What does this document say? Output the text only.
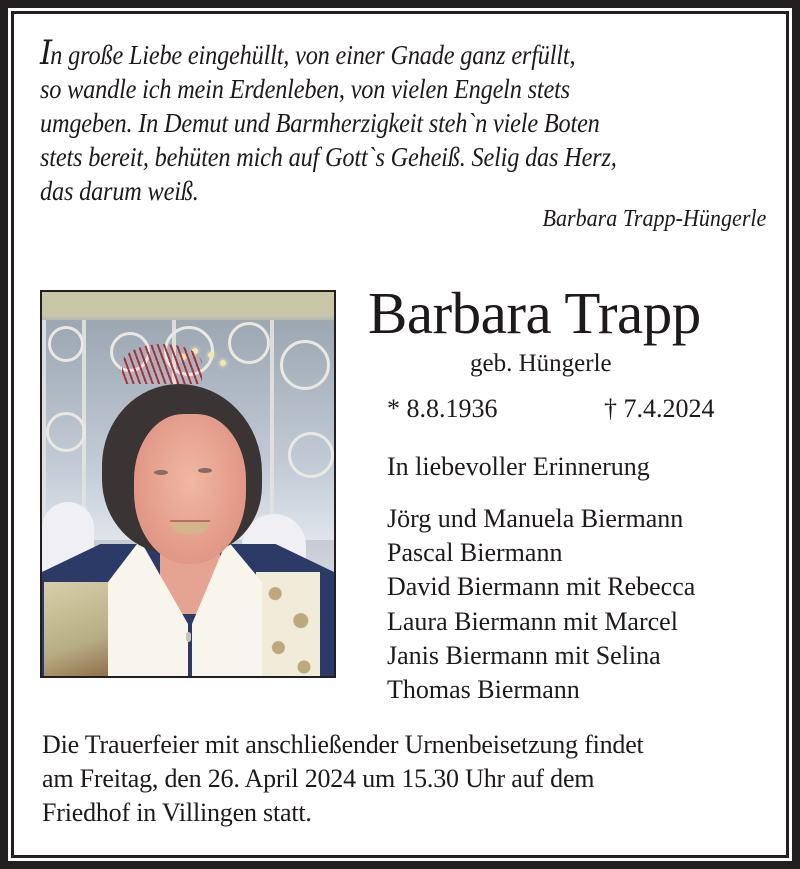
In große Liebe eingehüllt, von einer Gnade ganz erfüllt,
so wandle ich mein Erdenleben, von vielen Engeln stets
umgeben. In Demut und Barmherzigkeit steh`n viele Boten
stets bereit, behüten mich auf Gott`s Geheiß. Selig das Herz,
das darum weiß.
Barbara Trapp-Hüngerle
Barbara Trapp
geb. Hüngerle
* 8.8.1936	† 7.4.2024
In liebevoller Erinnerung
Jörg und Manuela Biermann
Pascal Biermann
David Biermann mit Rebecca
Laura Biermann mit Marcel
Janis Biermann mit Selina
Thomas Biermann
Die Trauerfeier mit anschließender Urnenbeisetzung findet
am Freitag, den 26. April 2024 um 15.30 Uhr auf dem
Friedhof in Villingen statt.
